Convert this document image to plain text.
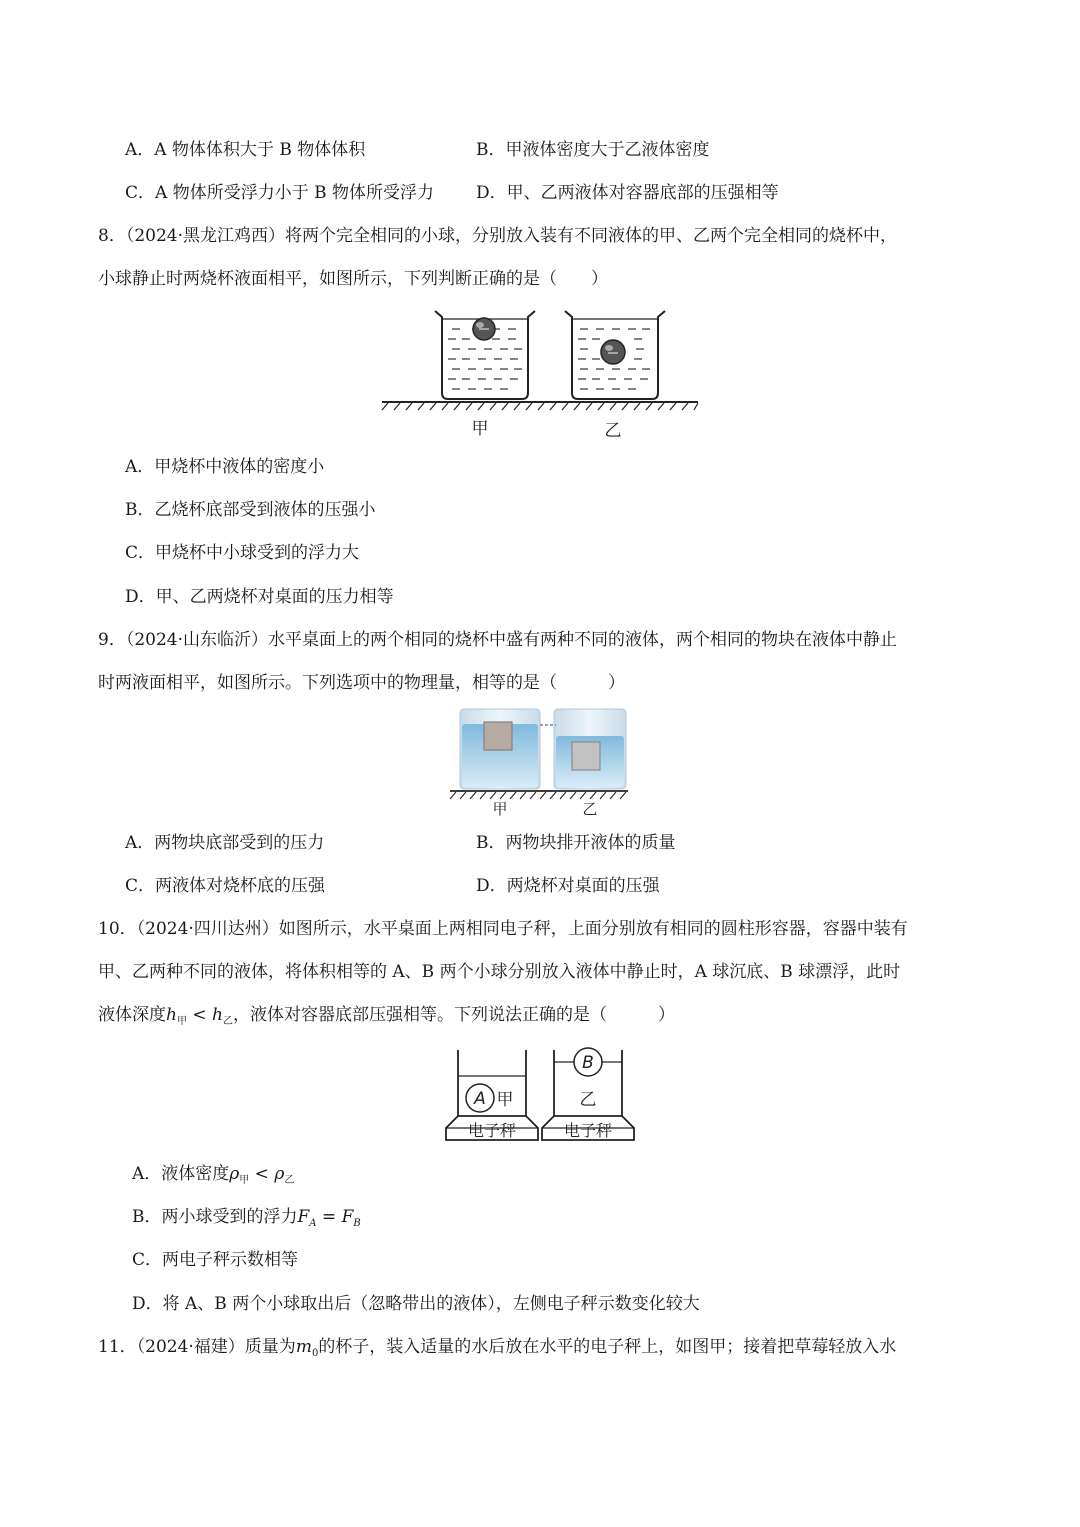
A．A 物体体积大于 B 物体体积	B．甲液体密度大于乙液体密度
C．A 物体所受浮力小于 B 物体所受浮力 D．甲、乙两液体对容器底部的压强相等
8．（2024·黑龙江鸡西）将两个完全相同的小球，分别放入装有不同液体的甲、乙两个完全相同的烧杯中，
小球静止时两烧杯液面相平，如图所示，下列判断正确的是（　　）
甲	乙
A．甲烧杯中液体的密度小
B．乙烧杯底部受到液体的压强小
C．甲烧杯中小球受到的浮力大
D．甲、乙两烧杯对桌面的压力相等
9．（2024·山东临沂）水平桌面上的两个相同的烧杯中盛有两种不同的液体，两个相同的物块在液体中静止
时两液面相平，如图所示。下列选项中的物理量，相等的是（　　　）
甲	乙
A．两物块底部受到的压力	B．两物块排开液体的质量
C．两液体对烧杯底的压强	D．两烧杯对桌面的压强
10．（2024·四川达州）如图所示，水平桌面上两相同电子秤，上面分别放有相同的圆柱形容器，容器中装有
甲、乙两种不同的液体，将体积相等的 A、B 两个小球分别放入液体中静止时，A 球沉底、B 球漂浮，此时
液体深度$h_甲 < h_乙$，液体对容器底部压强相等。下列说法正确的是（　　　）
A 甲
电子秤
B
乙
电子秤
A．液体密度$\rho_甲 < \rho_乙$
B．两小球受到的浮力$F_A = F_B$
C．两电子秤示数相等
D．将 A、B 两个小球取出后（忽略带出的液体），左侧电子秤示数变化较大
11．（2024·福建）质量为$m_0$的杯子，装入适量的水后放在水平的电子秤上，如图甲；接着把草莓轻放入水
